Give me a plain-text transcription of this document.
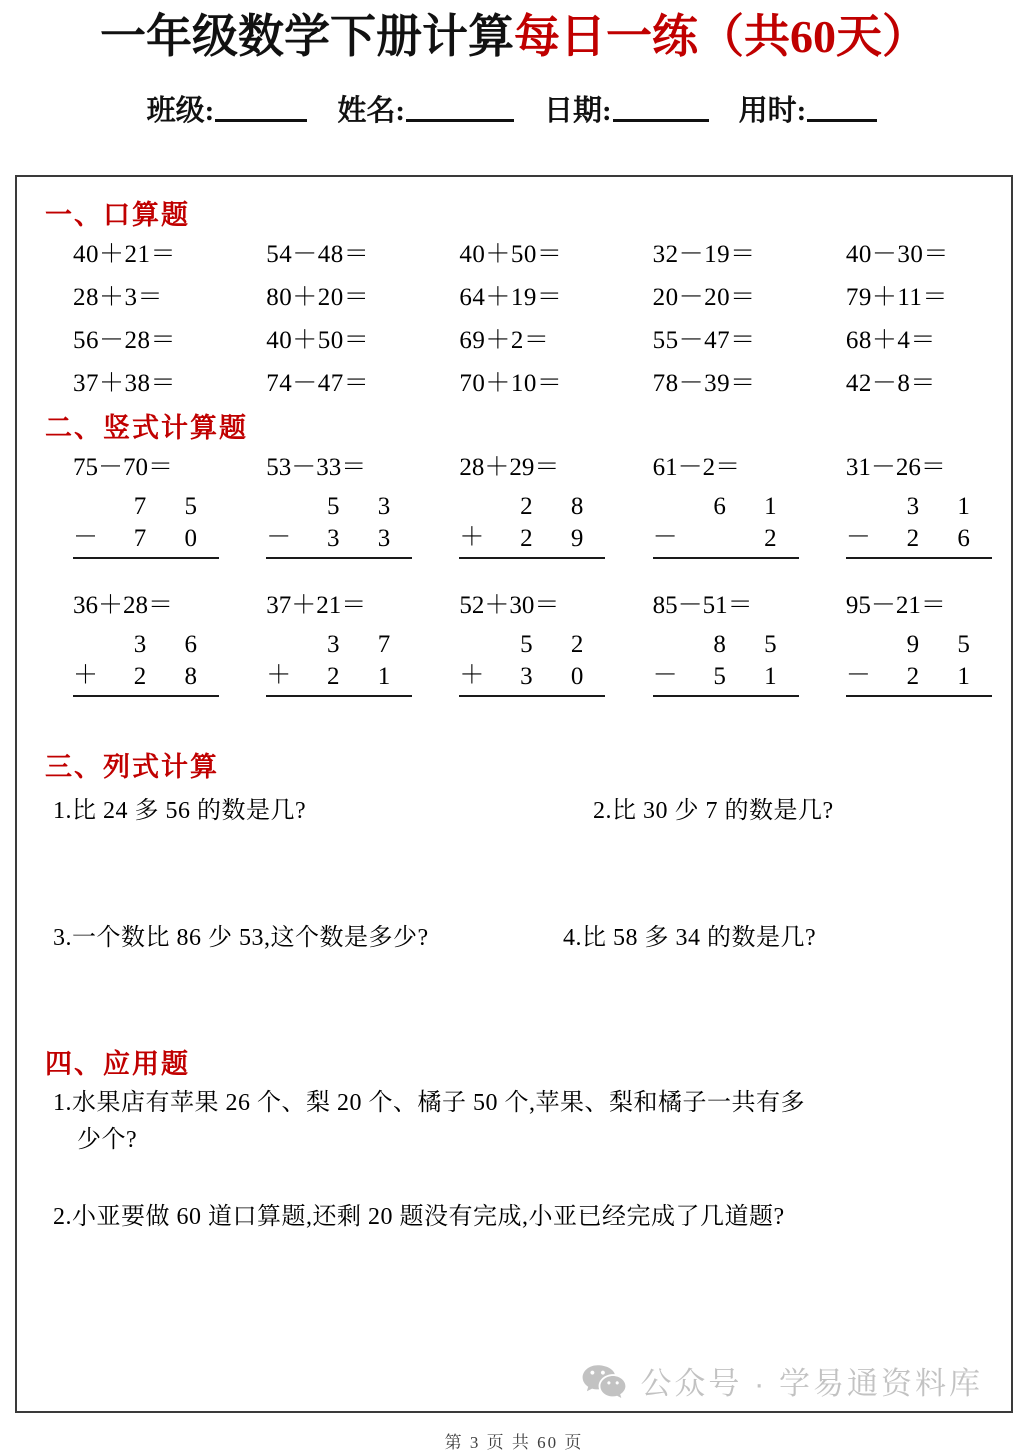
一年级数学下册计算每日一练（共60天）
班级:	姓名:	日期:	用时:
一、口算题
40＋21＝	54－48＝	40＋50＝	32－19＝	40－30＝
28＋3＝	80＋20＝	64＋19＝	20－20＝	79＋11＝
56－28＝	40＋50＝	69＋2＝	55－47＝	68＋4＝
37＋38＝	74－47＝	70＋10＝	78－39＝	42－8＝
二、竖式计算题
75－70＝
7 5
－ 7 0
53－33＝
5 3
－ 3 3
28＋29＝
2 8
＋ 2 9
61－2＝
6 1
－	2
31－26＝
3 1
－ 2 6
36＋28＝
3 6
＋ 2 8
37＋21＝
3 7
＋ 2 1
52＋30＝
5 2
＋ 3 0
85－51＝
8 5
－ 5 1
95－21＝
9 5
－ 2 1
三、列式计算
1.比 24 多 56 的数是几?	2.比 30 少 7 的数是几?
3.一个数比 86 少 53,这个数是多少?	4.比 58 多 34 的数是几?
四、应用题
1.水果店有苹果 26 个、梨 20 个、橘子 50 个,苹果、梨和橘子一共有多
少个?
2.小亚要做 60 道口算题,还剩 20 题没有完成,小亚已经完成了几道题?
公众号 · 学易通资料库
第 3 页 共 60 页
